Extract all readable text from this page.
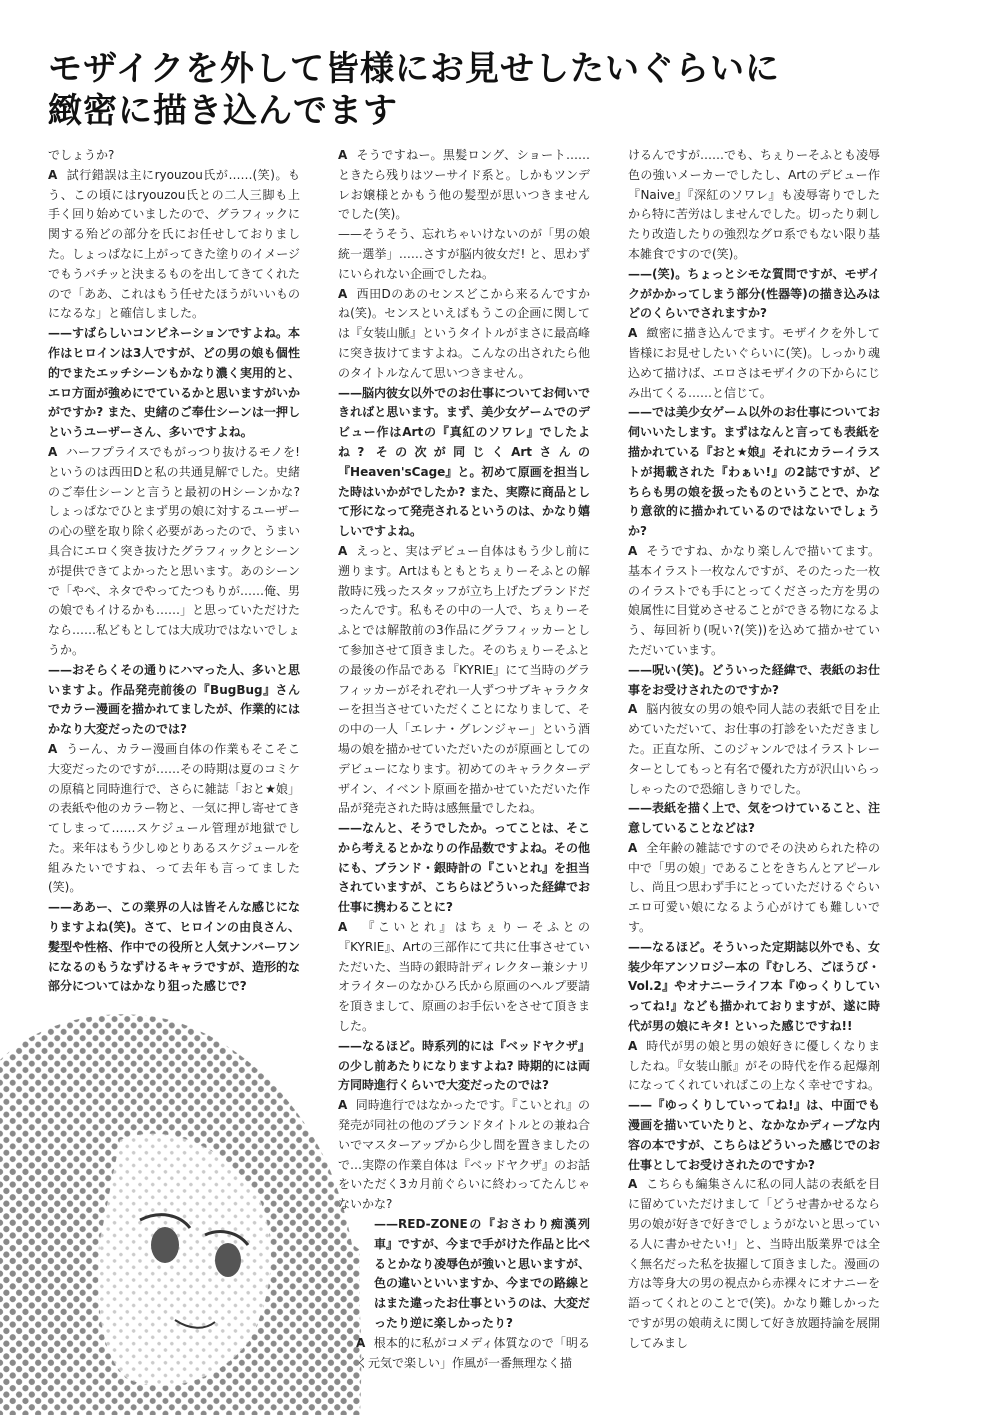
モザイクを外して皆様にお見せしたいぐらいに
緻密に描き込んでます

でしょうか?

A  試行錯誤は主にryouzou氏が……(笑)。もう、この頃にはryouzou氏との二人三脚も上手く回り始めていましたので、グラフィックに関する殆どの部分を氏にお任せしておりました。しょっぱなに上がってきた塗りのイメージでもうバチッと決まるものを出してきてくれたので「ああ、これはもう任せたほうがいいものになるな」と確信しました。

——すばらしいコンビネーションですよね。本作はヒロインは3人ですが、どの男の娘も個性的でまたエッチシーンもかなり濃く実用的と、エロ方面が強めにでているかと思いますがいかがですか? また、史緒のご奉仕シーンは一押しというユーザーさん、多いですよね。

A  ハーフプライスでもがっつり抜けるモノを!というのは西田Dと私の共通見解でした。史緒のご奉仕シーンと言うと最初のHシーンかな?しょっぱなでひとまず男の娘に対するユーザーの心の壁を取り除く必要があったので、うまい具合にエロく突き抜けたグラフィックとシーンが提供できてよかったと思います。あのシーンで「やべ、ネタでやってたつもりが……俺、男の娘でもイけるかも……」と思っていただけたなら……私どもとしては大成功ではないでしょうか。

——おそらくその通りにハマった人、多いと思いますよ。作品発売前後の『BugBug』さんでカラー漫画を描かれてましたが、作業的にはかなり大変だったのでは?

A  うーん、カラー漫画自体の作業もそこそこ大変だったのですが……その時期は夏のコミケの原稿と同時進行で、さらに雑誌「おと★娘」の表紙や他のカラー物と、一気に押し寄せてきてしまって……スケジュール管理が地獄でした。来年はもう少しゆとりあるスケジュールを組みたいですね、って去年も言ってました(笑)。

——ああー、この業界の人は皆そんな感じになりますよね(笑)。さて、ヒロインの由良さん、髪型や性格、作中での役所と人気ナンバーワンになるのもうなずけるキャラですが、造形的な部分についてはかなり狙った感じで?

A  そうですねー。黒髪ロング、ショート……ときたら残りはツーサイド系と。しかもツンデレお嬢様とかもう他の髪型が思いつきませんでした(笑)。

——そうそう、忘れちゃいけないのが「男の娘統一選挙」……さすが脳内彼女だ! と、思わずにいられない企画でしたね。

A  西田Dのあのセンスどこから来るんですかね(笑)。センスといえばもうこの企画に関しては『女装山脈』というタイトルがまさに最高峰に突き抜けてますよね。こんなの出されたら他のタイトルなんて思いつきません。

——脳内彼女以外でのお仕事についてお伺いできればと思います。まず、美少女ゲームでのデビュー作はArtの『真紅のソワレ』でしたよね? その次が同じくArtさんの『Heaven'sCage』と。初めて原画を担当した時はいかがでしたか? また、実際に商品として形になって発売されるというのは、かなり嬉しいですよね。

A  えっと、実はデビュー自体はもう少し前に遡ります。Artはもともとちぇりーそふとの解散時に残ったスタッフが立ち上げたブランドだったんです。私もその中の一人で、ちぇりーそふとでは解散前の3作品にグラフィッカーとして参加させて頂きました。そのちぇりーそふとの最後の作品である『KYRIE』にて当時のグラフィッカーがそれぞれ一人ずつサブキャラクターを担当させていただくことになりまして、その中の一人「エレナ・グレンジャー」という酒場の娘を描かせていただいたのが原画としてのデビューになります。初めてのキャラクターデザイン、イベント原画を描かせていただいた作品が発売された時は感無量でしたね。

——なんと、そうでしたか。ってことは、そこから考えるとかなりの作品数ですよね。その他にも、ブランド・銀時計の『こいとれ』を担当されていますが、こちらはどういった経緯でお仕事に携わることに?

A  『こいとれ』はちぇりーそふとの『KYRIE』、Artの三部作にて共に仕事させていただいた、当時の銀時計ディレクター兼シナリオライターのなかひろ氏から原画のヘルプ要請を頂きまして、原画のお手伝いをさせて頂きました。

——なるほど。時系列的には『ベッドヤクザ』の少し前あたりになりますよね? 時期的には両方同時進行くらいで大変だったのでは?

A  同時進行ではなかったです。『こいとれ』の発売が同社の他のブランドタイトルとの兼ね合いでマスターアップから少し間を置きましたので…実際の作業自体は『ベッドヤクザ』のお話をいただく3カ月前ぐらいに終わってたんじゃないかな?

——RED-ZONEの『おさわり痴漢列車』ですが、今まで手がけた作品と比べるとかなり凌辱色が強いと思いますが、色の違いといいますか、今までの路線とはまた違ったお仕事というのは、大変だったり逆に楽しかったり?

A  根本的に私がコメディ体質なので「明るく元気で楽しい」作風が一番無理なく描

けるんですが……でも、ちぇりーそふとも凌辱色の強いメーカーでしたし、Artのデビュー作『Naive』『深紅のソワレ』も凌辱寄りでしたから特に苦労はしませんでした。切ったり刺したり改造したりの強烈なグロ系でもない限り基本雑食ですので(笑)。

——(笑)。ちょっとシモな質問ですが、モザイクがかかってしまう部分(性器等)の描き込みはどのくらいでされますか?

A  緻密に描き込んでます。モザイクを外して皆様にお見せしたいぐらいに(笑)。しっかり魂込めて描けば、エロさはモザイクの下からにじみ出てくる……と信じて。

——では美少女ゲーム以外のお仕事についてお伺いいたします。まずはなんと言っても表紙を描かれている『おと★娘』それにカラーイラストが掲載された『わぁい!』の2誌ですが、どちらも男の娘を扱ったものということで、かなり意欲的に描かれているのではないでしょうか?

A  そうですね、かなり楽しんで描いてます。基本イラスト一枚なんですが、そのたった一枚のイラストでも手にとってくださった方を男の娘属性に目覚めさせることができる物になるよう、毎回祈り(呪い?(笑))を込めて描かせていただいています。

——呪い(笑)。どういった経緯で、表紙のお仕事をお受けされたのですか?

A  脳内彼女の男の娘や同人誌の表紙で目を止めていただいて、お仕事の打診をいただきました。正直な所、このジャンルではイラストレーターとしてもっと有名で優れた方が沢山いらっしゃったので恐縮しきりでした。

——表紙を描く上で、気をつけていること、注意していることなどは?

A  全年齢の雑誌ですのでその決められた枠の中で「男の娘」であることをきちんとアピールし、尚且つ思わず手にとっていただけるぐらいエロ可愛い娘になるよう心がけても難しいです。

——なるほど。そういった定期誌以外でも、女装少年アンソロジー本の『むしろ、ごほうび・Vol.2』やオナニーライフ本『ゆっくりしていってね!』なども描かれておりますが、遂に時代が男の娘にキタ! といった感じですね!!

A  時代が男の娘と男の娘好きに優しくなりましたね。『女装山脈』がその時代を作る起爆剤になってくれていればこの上なく幸せですね。

——『ゆっくりしていってね!』は、中面でも漫画を描いていたりと、なかなかディープな内容の本ですが、こちらはどういった感じでのお仕事としてお受けされたのですか?

A  こちらも編集さんに私の同人誌の表紙を目に留めていただけまして「どうせ書かせるなら男の娘が好きで好きでしょうがないと思っている人に書かせたい!」と、当時出版業界では全く無名だった私を抜擢して頂きました。漫画の方は等身大の男の視点から赤裸々にオナニーを語ってくれとのことで(笑)。かなり難しかったですが男の娘萌えに関して好き放題持論を展開してみまし
